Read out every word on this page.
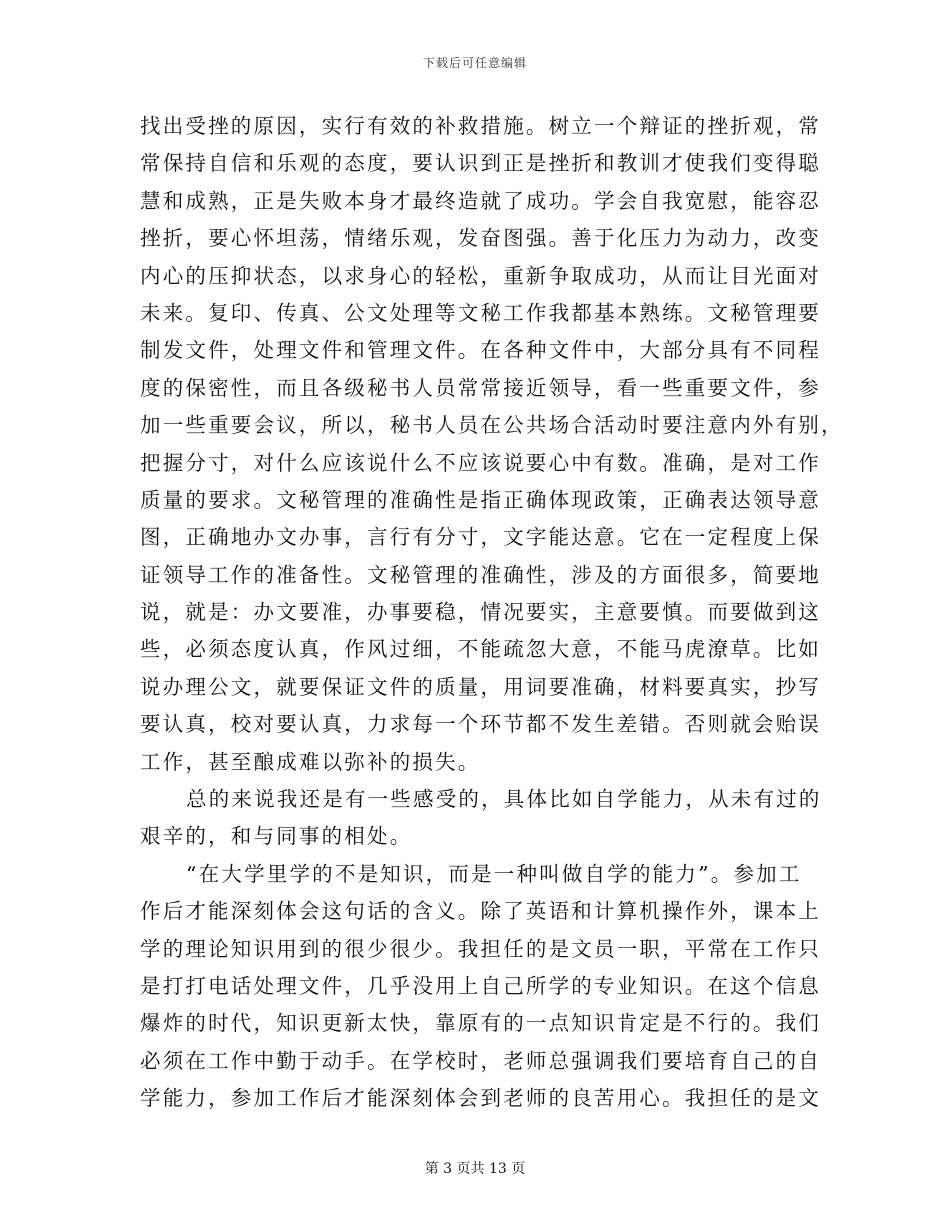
下载后可任意编辑
找出受挫的原因，实行有效的补救措施。树立一个辩证的挫折观，常
常保持自信和乐观的态度，要认识到正是挫折和教训才使我们变得聪
慧和成熟，正是失败本身才最终造就了成功。学会自我宽慰，能容忍
挫折，要心怀坦荡，情绪乐观，发奋图强。善于化压力为动力，改变
内心的压抑状态，以求身心的轻松，重新争取成功，从而让目光面对
未来。复印、传真、公文处理等文秘工作我都基本熟练。文秘管理要
制发文件，处理文件和管理文件。在各种文件中，大部分具有不同程
度的保密性，而且各级秘书人员常常接近领导，看一些重要文件，参
加一些重要会议，所以，秘书人员在公共场合活动时要注意内外有别，
把握分寸，对什么应该说什么不应该说要心中有数。准确，是对工作
质量的要求。文秘管理的准确性是指正确体现政策，正确表达领导意
图，正确地办文办事，言行有分寸，文字能达意。它在一定程度上保
证领导工作的准备性。文秘管理的准确性，涉及的方面很多，简要地
说，就是：办文要准，办事要稳，情况要实，主意要慎。而要做到这
些，必须态度认真，作风过细，不能疏忽大意，不能马虎潦草。比如
说办理公文，就要保证文件的质量，用词要准确，材料要真实，抄写
要认真，校对要认真，力求每一个环节都不发生差错。否则就会贻误
工作，甚至酿成难以弥补的损失。
总的来说我还是有一些感受的，具体比如自学能力，从未有过的
艰辛的，和与同事的相处。
“在大学里学的不是知识，而是一种叫做自学的能力”。参加工
作后才能深刻体会这句话的含义。除了英语和计算机操作外，课本上
学的理论知识用到的很少很少。我担任的是文员一职，平常在工作只
是打打电话处理文件，几乎没用上自己所学的专业知识。在这个信息
爆炸的时代，知识更新太快，靠原有的一点知识肯定是不行的。我们
必须在工作中勤于动手。在学校时，老师总强调我们要培育自己的自
学能力，参加工作后才能深刻体会到老师的良苦用心。我担任的是文
第 3 页共 13 页
